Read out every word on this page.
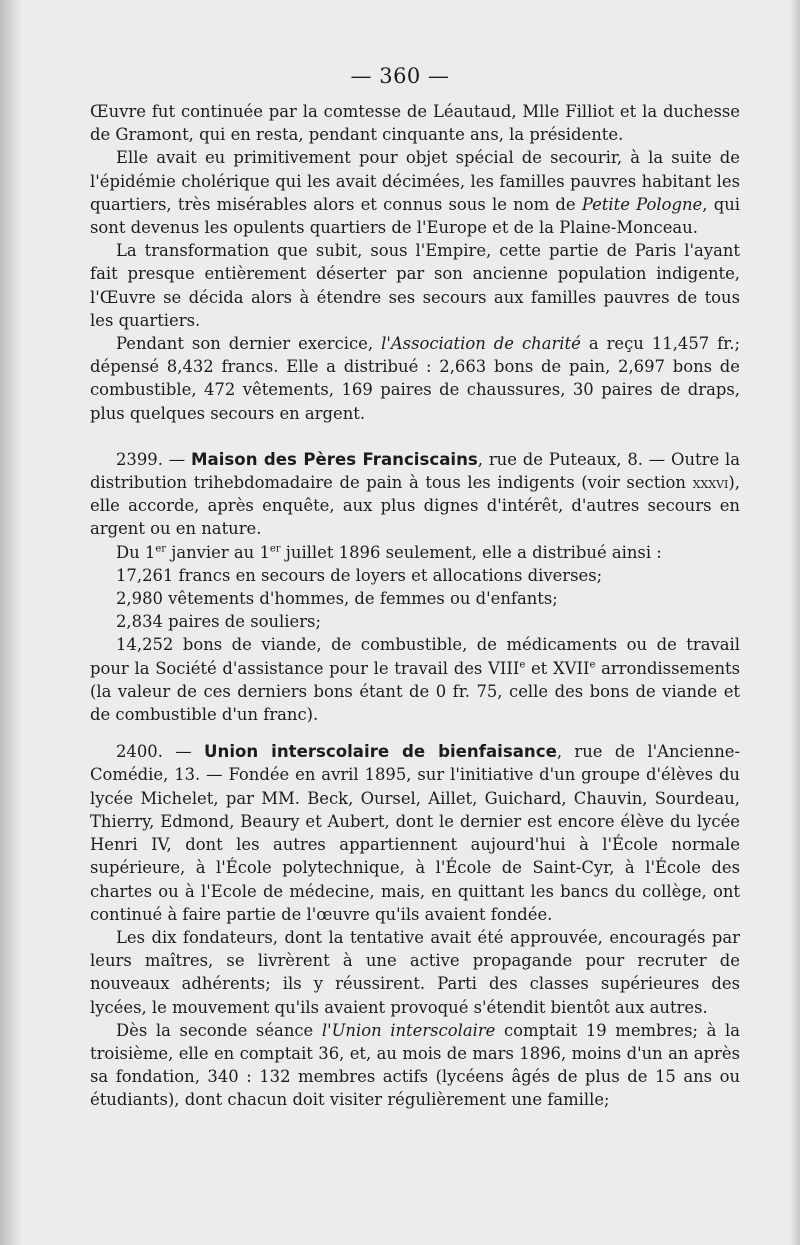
— 360 —

Œuvre fut continuée par la comtesse de Léautaud, Mlle Filliot et la duchesse de Gramont, qui en resta, pendant cinquante ans, la présidente.

Elle avait eu primitivement pour objet spécial de secourir, à la suite de l'épidémie cholérique qui les avait décimées, les familles pauvres habitant les quartiers, très misérables alors et connus sous le nom de Petite Pologne, qui sont devenus les opulents quartiers de l'Europe et de la Plaine-Monceau.

La transformation que subit, sous l'Empire, cette partie de Paris l'ayant fait presque entièrement déserter par son ancienne population indigente, l'Œuvre se décida alors à étendre ses secours aux familles pauvres de tous les quartiers.

Pendant son dernier exercice, l'Association de charité a reçu 11,457 fr.; dépensé 8,432 francs. Elle a distribué : 2,663 bons de pain, 2,697 bons de combustible, 472 vêtements, 169 paires de chaussures, 30 paires de draps, plus quelques secours en argent.

2399. — Maison des Pères Franciscains, rue de Puteaux, 8. — Outre la distribution trihebdomadaire de pain à tous les indigents (voir section xxxvi), elle accorde, après enquête, aux plus dignes d'intérêt, d'autres secours en argent ou en nature.

Du 1er janvier au 1er juillet 1896 seulement, elle a distribué ainsi :

17,261 francs en secours de loyers et allocations diverses;

2,980 vêtements d'hommes, de femmes ou d'enfants;

2,834 paires de souliers;

14,252 bons de viande, de combustible, de médicaments ou de travail pour la Société d'assistance pour le travail des VIIIe et XVIIe arrondissements (la valeur de ces derniers bons étant de 0 fr. 75, celle des bons de viande et de combustible d'un franc).

2400. — Union interscolaire de bienfaisance, rue de l'Ancienne-Comédie, 13. — Fondée en avril 1895, sur l'initiative d'un groupe d'élèves du lycée Michelet, par MM. Beck, Oursel, Aillet, Guichard, Chauvin, Sourdeau, Thierry, Edmond, Beaury et Aubert, dont le dernier est encore élève du lycée Henri IV, dont les autres appartiennent aujourd'hui à l'École normale supérieure, à l'École polytechnique, à l'École de Saint-Cyr, à l'École des chartes ou à l'Ecole de médecine, mais, en quittant les bancs du collège, ont continué à faire partie de l'œuvre qu'ils avaient fondée.

Les dix fondateurs, dont la tentative avait été approuvée, encouragés par leurs maîtres, se livrèrent à une active propagande pour recruter de nouveaux adhérents; ils y réussirent. Parti des classes supérieures des lycées, le mouvement qu'ils avaient provoqué s'étendit bientôt aux autres.

Dès la seconde séance l'Union interscolaire comptait 19 membres; à la troisième, elle en comptait 36, et, au mois de mars 1896, moins d'un an après sa fondation, 340 : 132 membres actifs (lycéens âgés de plus de 15 ans ou étudiants), dont chacun doit visiter régulièrement une famille;
